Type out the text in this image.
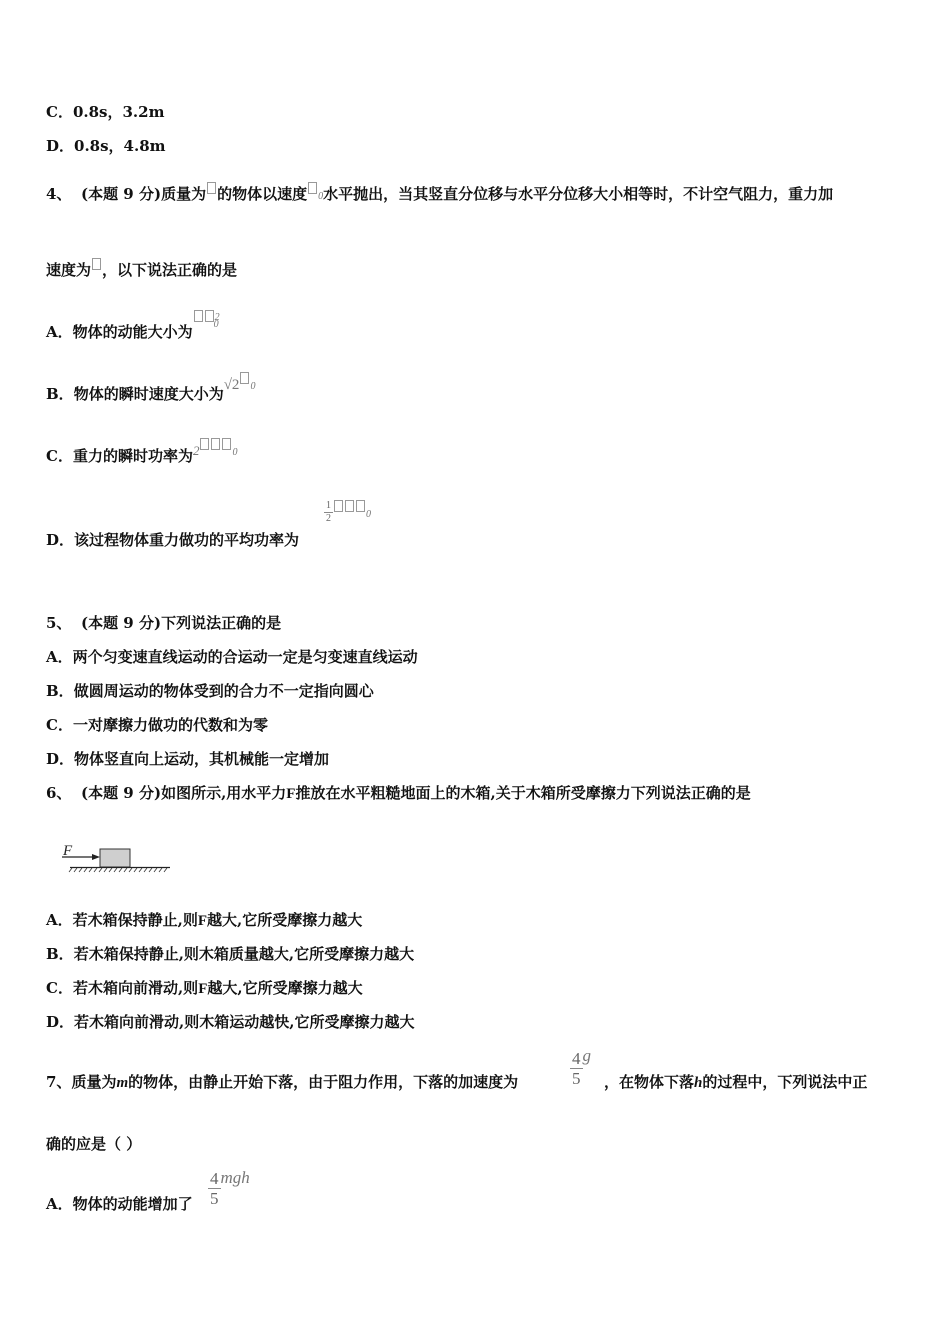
C．0.8s，3.2m
D．0.8s，4.8m
4、 (本题 9 分)质量为 的物体以速度 0水平抛出，当其竖直分位移与水平分位移大小相等时，不计空气阻力，重力加
速度为 ，以下说法正确的是
A．物体的动能大小为$^2$0
B．物体的瞬时速度大小为√2 0
C．重力的瞬时功率为2	0
D．该过程物体重力做功的平均功率为
$\frac{1}{2}$	0
5、 (本题 9 分)下列说法正确的是
A．两个匀变速直线运动的合运动一定是匀变速直线运动
B．做圆周运动的物体受到的合力不一定指向圆心
C．一对摩擦力做功的代数和为零
D．物体竖直向上运动，其机械能一定增加
6、 (本题 9 分)如图所示,用水平力F推放在水平粗糙地面上的木箱,关于木箱所受摩擦力下列说法正确的是
F
A．若木箱保持静止,则F越大,它所受摩擦力越大
B．若木箱保持静止,则木箱质量越大,它所受摩擦力越大
C．若木箱向前滑动,则F越大,它所受摩擦力越大
D．若木箱向前滑动,则木箱运动越快,它所受摩擦力越大
7、质量为m的物体，由静止开始下落，由于阻力作用，下落的加速度为	$\frac{4}{5}$ g
，在物体下落h的过程中，下列说法中正
确的应是（ ）
A．物体的动能增加了 $\frac{4}{5}$ mgh
